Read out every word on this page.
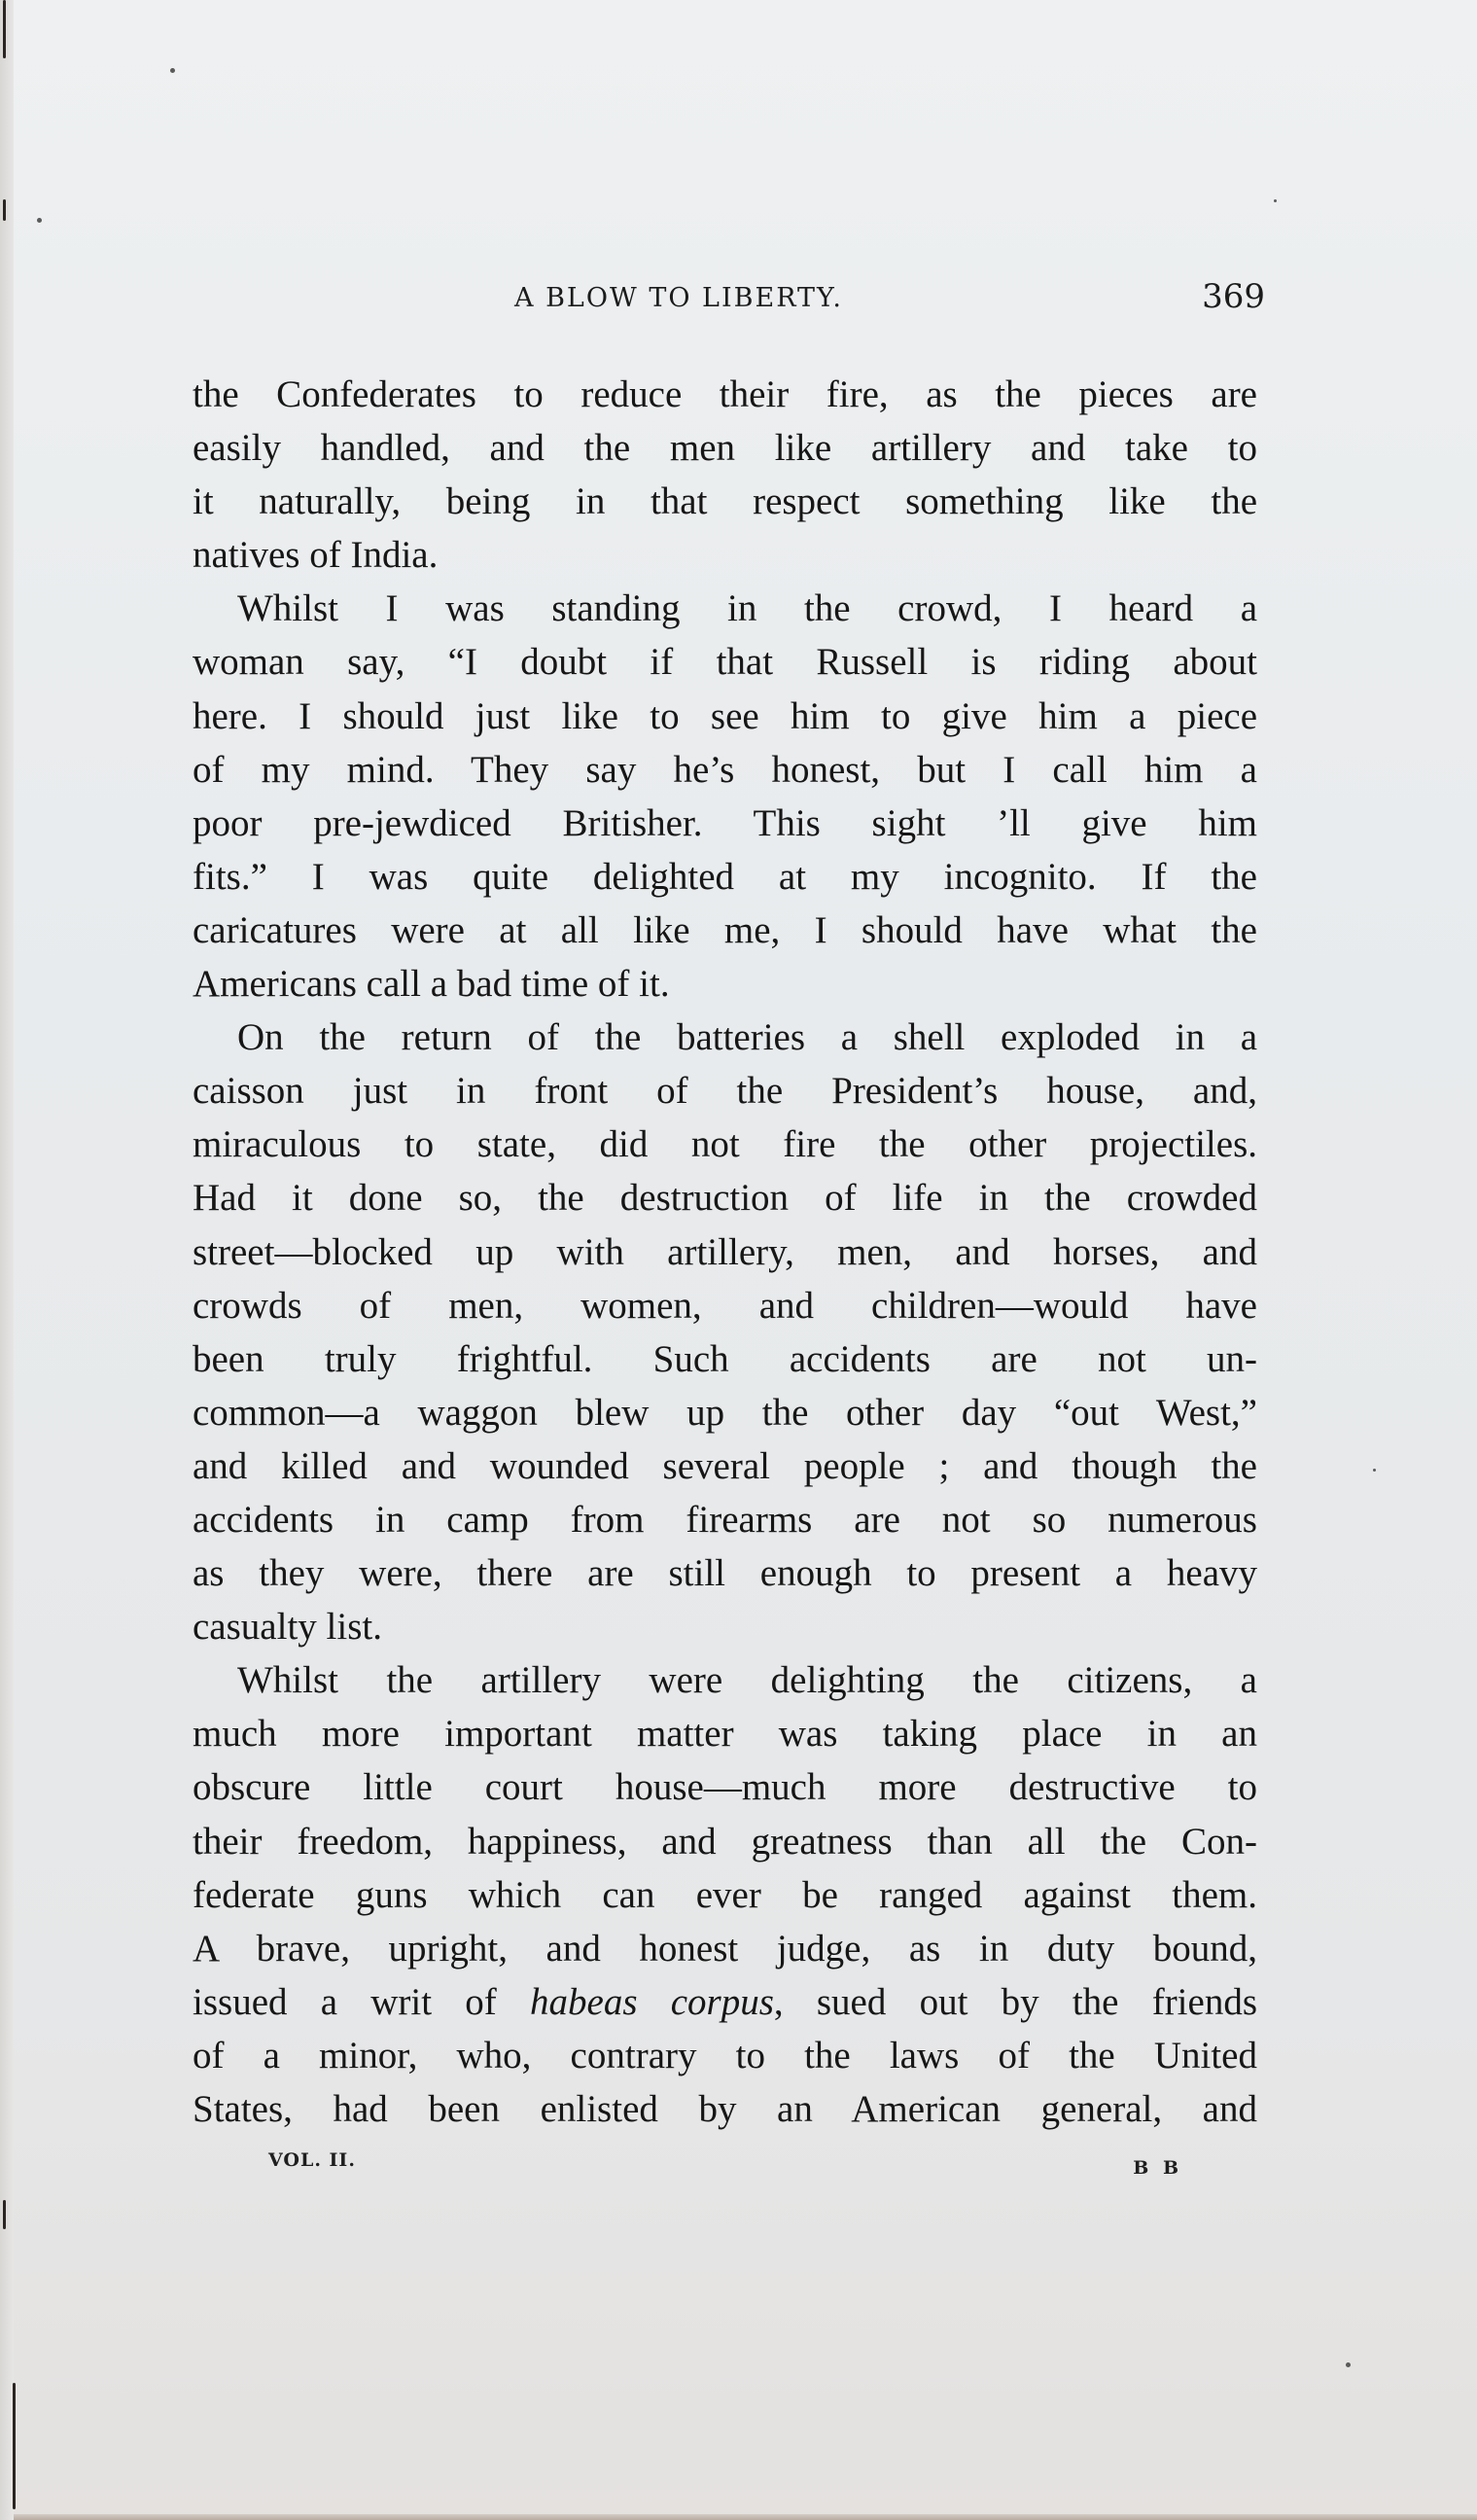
A BLOW TO LIBERTY.	369
the Confederates to reduce their fire, as the pieces are
easily handled, and the men like artillery and take to
it naturally, being in that respect something like the
natives of India.
Whilst I was standing in the crowd, I heard a
woman say, “I doubt if that Russell is riding about
here. I should just like to see him to give him a piece
of my mind. They say he’s honest, but I call him a
poor pre-jewdiced Britisher. This sight ’ll give him
fits.” I was quite delighted at my incognito. If the
caricatures were at all like me, I should have what the
Americans call a bad time of it.
On the return of the batteries a shell exploded in a
caisson just in front of the President’s house, and,
miraculous to state, did not fire the other projectiles.
Had it done so, the destruction of life in the crowded
street—blocked up with artillery, men, and horses, and
crowds of men, women, and children—would have
been truly frightful. Such accidents are not un-
common—a waggon blew up the other day “out West,”
and killed and wounded several people ; and though the
accidents in camp from firearms are not so numerous
as they were, there are still enough to present a heavy
casualty list.
Whilst the artillery were delighting the citizens, a
much more important matter was taking place in an
obscure little court house—much more destructive to
their freedom, happiness, and greatness than all the Con-
federate guns which can ever be ranged against them.
A brave, upright, and honest judge, as in duty bound,
issued a writ of habeas corpus, sued out by the friends
of a minor, who, contrary to the laws of the United
States, had been enlisted by an American general, and
VOL. II.	B B
